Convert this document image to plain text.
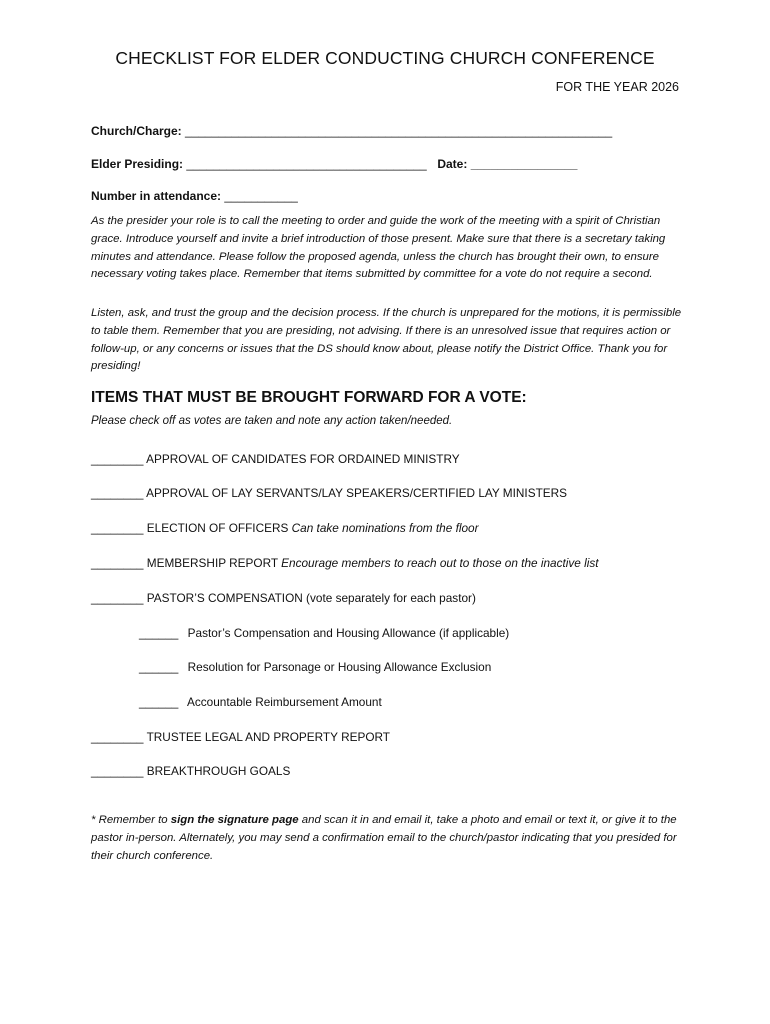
CHECKLIST FOR ELDER CONDUCTING CHURCH CONFERENCE
FOR THE YEAR 2026
Church/Charge: ________________________________________________________________
Elder Presiding: ____________________________________ Date: ________________
Number in attendance: ___________
As the presider your role is to call the meeting to order and guide the work of the meeting with a spirit of Christian grace. Introduce yourself and invite a brief introduction of those present. Make sure that there is a secretary taking minutes and attendance. Please follow the proposed agenda, unless the church has brought their own, to ensure necessary voting takes place. Remember that items submitted by committee for a vote do not require a second.
Listen, ask, and trust the group and the decision process. If the church is unprepared for the motions, it is permissible to table them. Remember that you are presiding, not advising. If there is an unresolved issue that requires action or follow-up, or any concerns or issues that the DS should know about, please notify the District Office. Thank you for presiding!
ITEMS THAT MUST BE BROUGHT FORWARD FOR A VOTE:
Please check off as votes are taken and note any action taken/needed.
________ APPROVAL OF CANDIDATES FOR ORDAINED MINISTRY
________ APPROVAL OF LAY SERVANTS/LAY SPEAKERS/CERTIFIED LAY MINISTERS
________ ELECTION OF OFFICERS Can take nominations from the floor
________ MEMBERSHIP REPORT Encourage members to reach out to those on the inactive list
________ PASTOR’S COMPENSATION (vote separately for each pastor)
______ Pastor’s Compensation and Housing Allowance (if applicable)
______ Resolution for Parsonage or Housing Allowance Exclusion
______ Accountable Reimbursement Amount
________ TRUSTEE LEGAL AND PROPERTY REPORT
________ BREAKTHROUGH GOALS
* Remember to sign the signature page and scan it in and email it, take a photo and email or text it, or give it to the pastor in-person. Alternately, you may send a confirmation email to the church/pastor indicating that you presided for their church conference.
